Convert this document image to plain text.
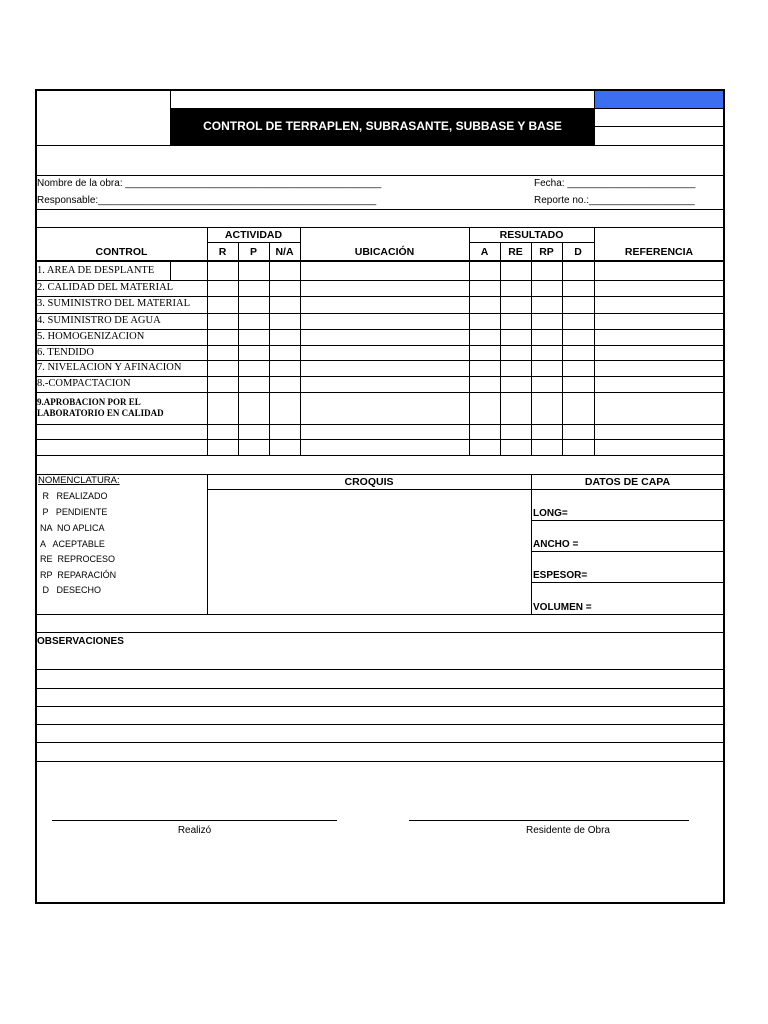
CONTROL DE TERRAPLEN, SUBRASANTE, SUBBASE Y BASE
Nombre de la obra: ______________________________________________
Responsable:__________________________________________________
Fecha: _______________________
Reporte no.:___________________
ACTIVIDAD	RESULTADO
CONTROL	R	P	N/A	UBICACIÓN	A	RE	RP	D	REFERENCIA
1. AREA DE DESPLANTE
2. CALIDAD DEL MATERIAL
3. SUMINISTRO DEL MATERIAL
4. SUMINISTRO DE AGUA
5. HOMOGENIZACION
6. TENDIDO
7. NIVELACION Y AFINACION
8.-COMPACTACION
9.APROBACION POR EL
LABORATORIO EN CALIDAD
NOMENCLATURA:
R   REALIZADO
P   PENDIENTE
NA  NO APLICA
A   ACEPTABLE
RE  REPROCESO
RP  REPARACIÓN
D   DESECHO
CROQUIS	DATOS DE CAPA
LONG=
ANCHO =
ESPESOR=
VOLUMEN =
OBSERVACIONES
Realizó	Residente de Obra
